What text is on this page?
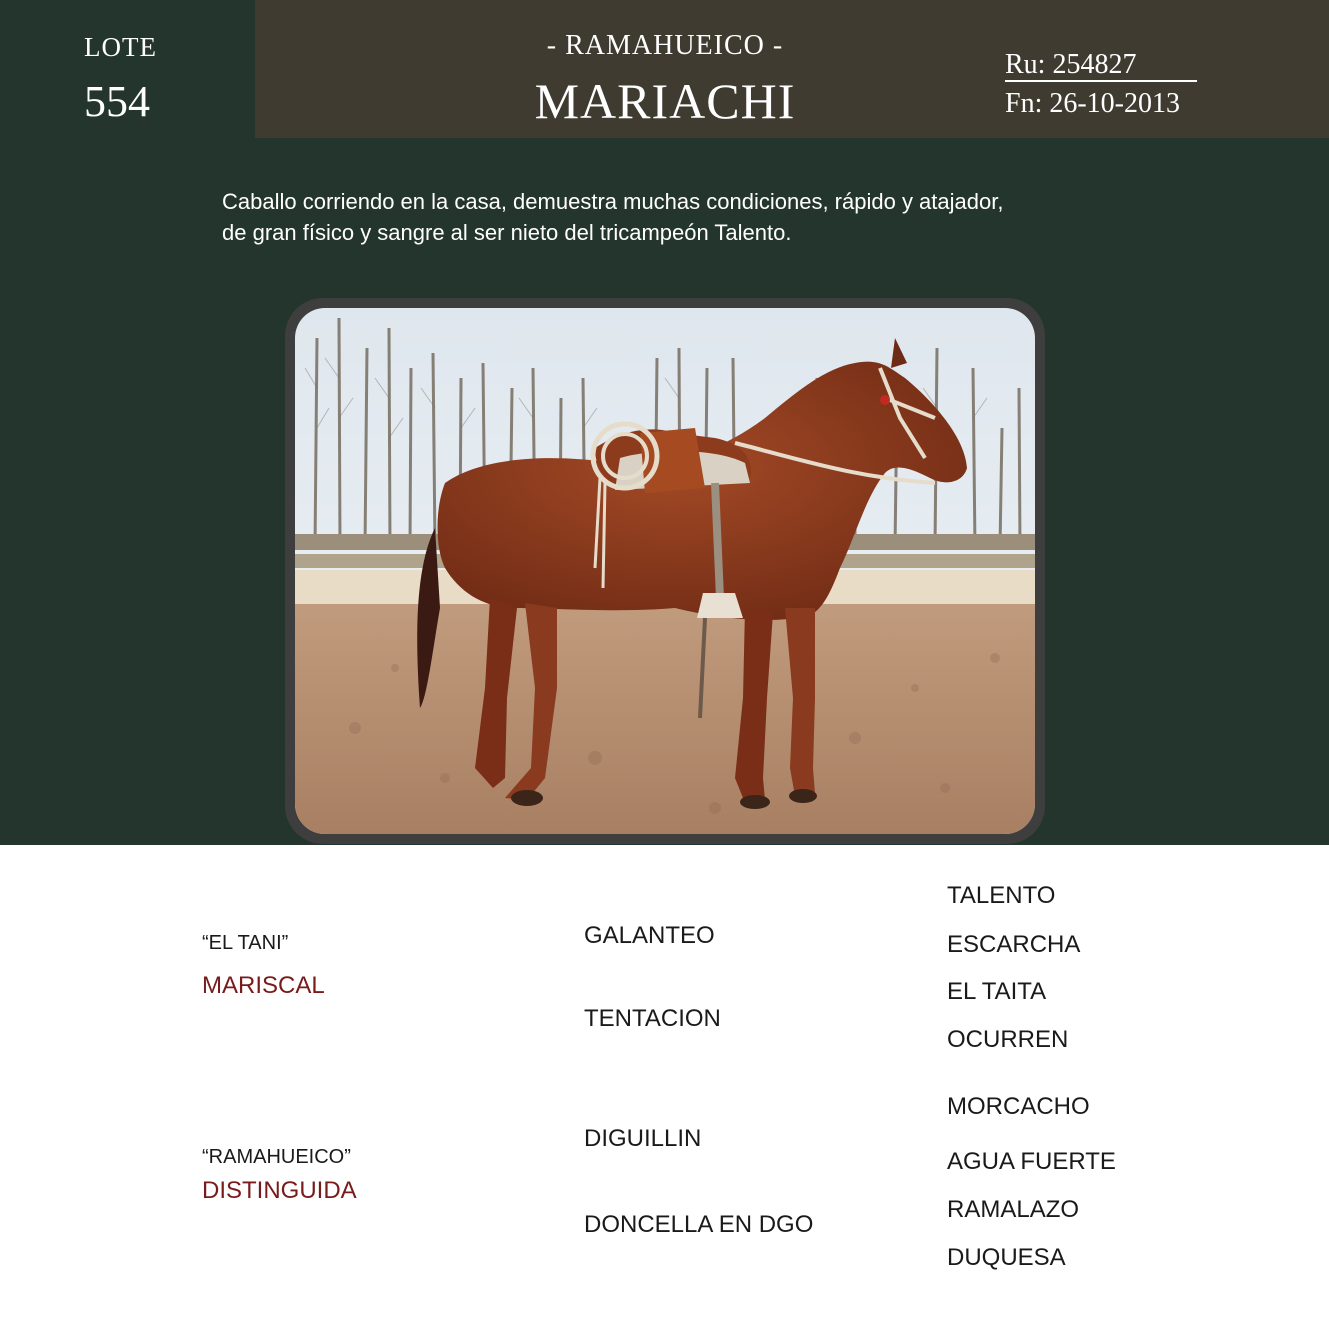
LOTE
554
- RAMAHUEICO -
MARIACHI
Ru: 254827
Fn: 26-10-2013
Caballo corriendo en la casa, demuestra muchas condiciones, rápido y atajador,
de gran físico y sangre al ser nieto del tricampeón Talento.
“EL TANI”
MARISCAL
“RAMAHUEICO”
DISTINGUIDA
GALANTEO
TENTACION
DIGUILLIN
DONCELLA EN DGO
TALENTO
ESCARCHA
EL TAITA
OCURREN
MORCACHO
AGUA FUERTE
RAMALAZO
DUQUESA
